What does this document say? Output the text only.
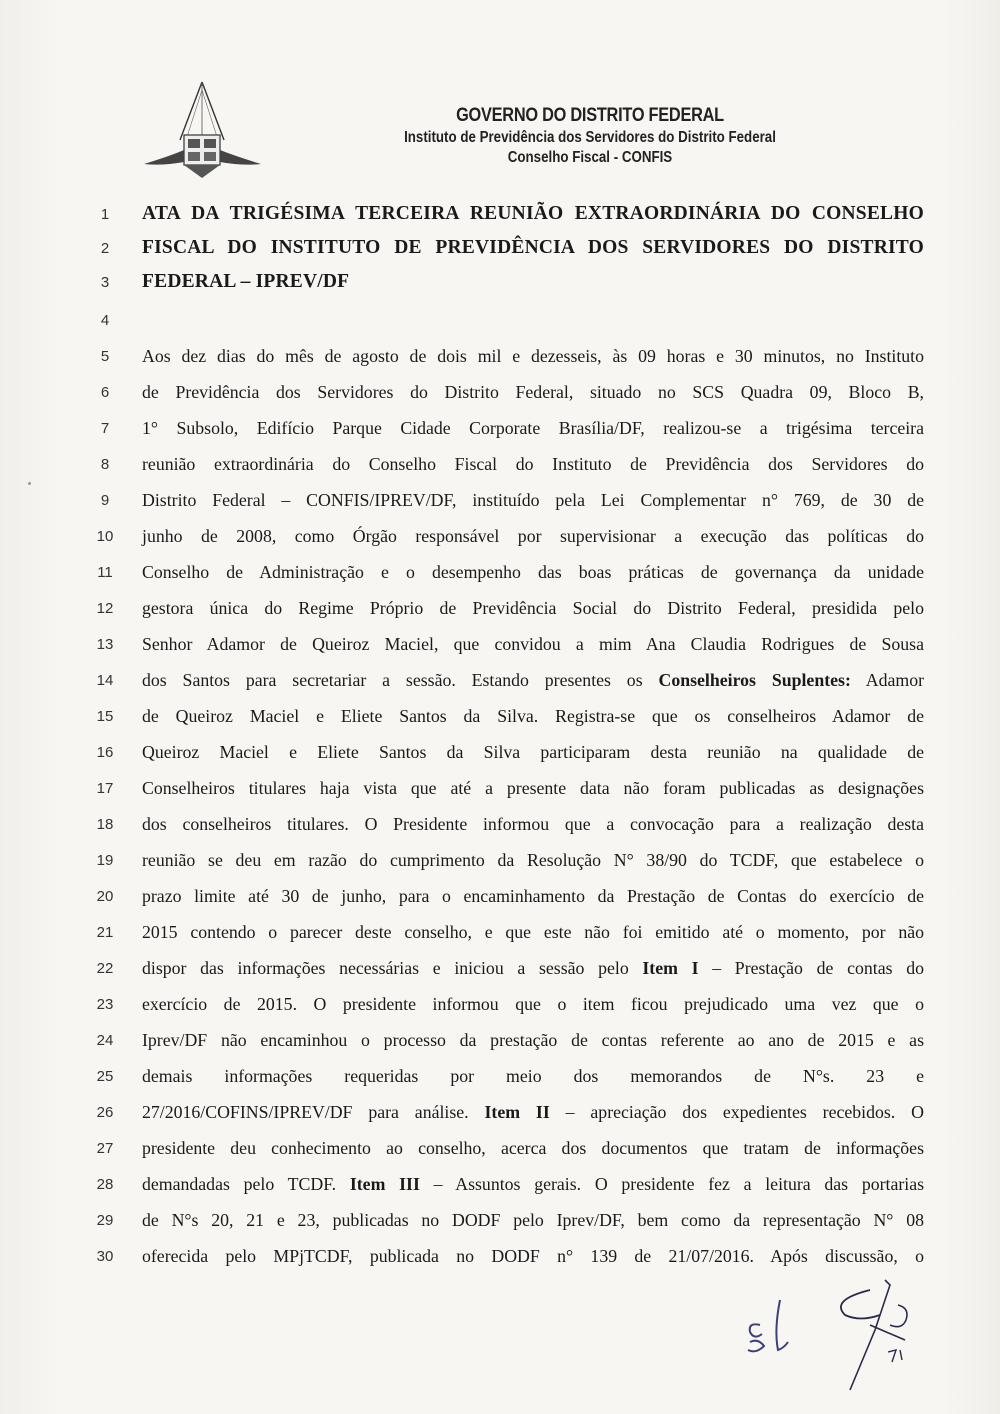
GOVERNO DO DISTRITO FEDERAL
Instituto de Previdência dos Servidores do Distrito Federal
Conselho Fiscal - CONFIS
1	ATA DA TRIGÉSIMA TERCEIRA REUNIÃO EXTRAORDINÁRIA DO CONSELHO
2	FISCAL DO INSTITUTO DE PREVIDÊNCIA DOS SERVIDORES DO DISTRITO
3	FEDERAL – IPREV/DF
4
5	Aos dez dias do mês de agosto de dois mil e dezesseis, às 09 horas e 30 minutos, no Instituto
6	de Previdência dos Servidores do Distrito Federal, situado no SCS Quadra 09, Bloco B,
7	1° Subsolo, Edifício Parque Cidade Corporate Brasília/DF, realizou-se a trigésima terceira
8	reunião extraordinária do Conselho Fiscal do Instituto de Previdência dos Servidores do
9	Distrito Federal – CONFIS/IPREV/DF, instituído pela Lei Complementar n° 769, de 30 de
10	junho de 2008, como Órgão responsável por supervisionar a execução das políticas do
11	Conselho de Administração e o desempenho das boas práticas de governança da unidade
12	gestora única do Regime Próprio de Previdência Social do Distrito Federal, presidida pelo
13	Senhor Adamor de Queiroz Maciel, que convidou a mim Ana Claudia Rodrigues de Sousa
14	dos Santos para secretariar a sessão. Estando presentes os Conselheiros Suplentes: Adamor
15	de Queiroz Maciel e Eliete Santos da Silva. Registra-se que os conselheiros Adamor de
16	Queiroz Maciel e Eliete Santos da Silva participaram desta reunião na qualidade de
17	Conselheiros titulares haja vista que até a presente data não foram publicadas as designações
18	dos conselheiros titulares. O Presidente informou que a convocação para a realização desta
19	reunião se deu em razão do cumprimento da Resolução N° 38/90 do TCDF, que estabelece o
20	prazo limite até 30 de junho, para o encaminhamento da Prestação de Contas do exercício de
21	2015 contendo o parecer deste conselho, e que este não foi emitido até o momento, por não
22	dispor das informações necessárias e iniciou a sessão pelo Item I – Prestação de contas do
23	exercício de 2015. O presidente informou que o item ficou prejudicado uma vez que o
24	Iprev/DF não encaminhou o processo da prestação de contas referente ao ano de 2015 e as
25	demais informações requeridas por meio dos memorandos de N°s. 23 e
26	27/2016/COFINS/IPREV/DF para análise. Item II – apreciação dos expedientes recebidos. O
27	presidente deu conhecimento ao conselho, acerca dos documentos que tratam de informações
28	demandadas pelo TCDF. Item III – Assuntos gerais. O presidente fez a leitura das portarias
29	de N°s 20, 21 e 23, publicadas no DODF pelo Iprev/DF, bem como da representação N° 08
30	oferecida pelo MPjTCDF, publicada no DODF n° 139 de 21/07/2016. Após discussão, o
